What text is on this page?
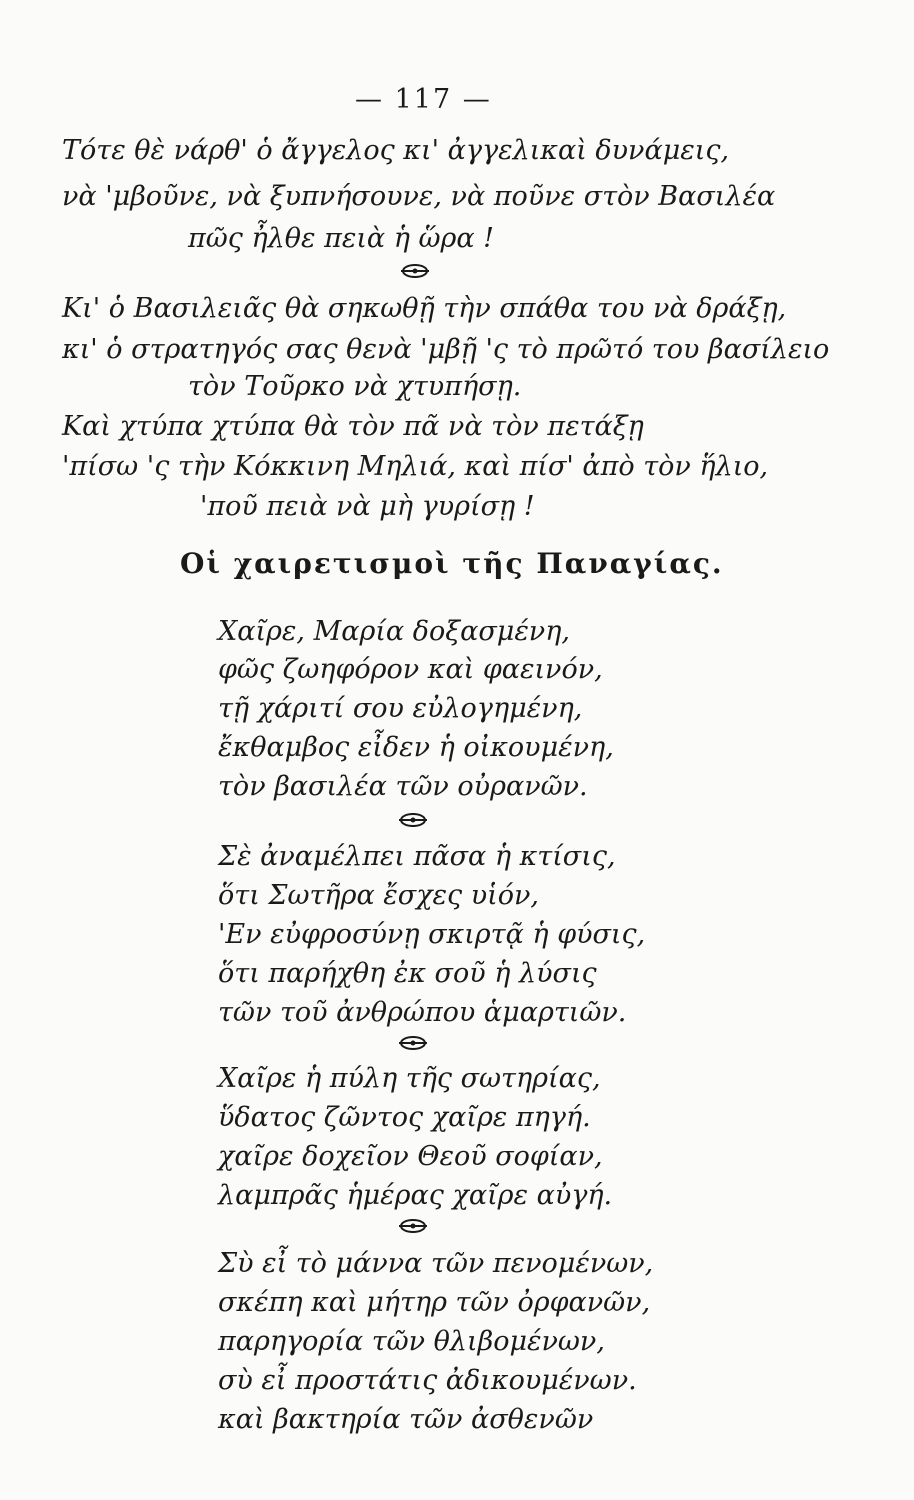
— 117 —
Τότε θὲ νάρθ' ὁ ἄγγελος κι' ἀγγελικαὶ δυνάμεις,
νὰ 'μβοῦνε, νὰ ξυπνήσουνε, νὰ ποῦνε στὸν Βασιλέα
πῶς ἦλθε πειὰ ἡ ὥρα !
Κι' ὁ Βασιλειᾶς θὰ σηκωθῇ τὴν σπάθα του νὰ δράξῃ,
κι' ὁ στρατηγός σας θενὰ 'μβῇ 'ς τὸ πρῶτό του βασίλειο
τὸν Τοῦρκο νὰ χτυπήσῃ.
Καὶ χτύπα χτύπα θὰ τὸν πᾶ νὰ τὸν πετάξῃ
'πίσω 'ς τὴν Κόκκινη Μηλιά, καὶ πίσ' ἀπὸ τὸν ἥλιο,
'ποῦ πειὰ νὰ μὴ γυρίσῃ !
Οἱ χαιρετισμοὶ τῆς Παναγίας.
Χαῖρε, Μαρία δοξασμένη,
φῶς ζωηφόρον καὶ φαεινόν,
τῇ χάριτί σου εὐλογημένη,
ἔκθαμβος εἶδεν ἡ οἰκουμένη,
τὸν βασιλέα τῶν οὐρανῶν.
Σὲ ἀναμέλπει πᾶσα ἡ κτίσις,
ὅτι Σωτῆρα ἔσχες υἱόν,
'Εν εὐφροσύνῃ σκιρτᾷ ἡ φύσις,
ὅτι παρήχθη ἐκ σοῦ ἡ λύσις
τῶν τοῦ ἀνθρώπου ἁμαρτιῶν.
Χαῖρε ἡ πύλη τῆς σωτηρίας,
ὕδατος ζῶντος χαῖρε πηγή.
χαῖρε δοχεῖον Θεοῦ σοφίαν,
λαμπρᾶς ἡμέρας χαῖρε αὐγή.
Σὺ εἶ τὸ μάννα τῶν πενομένων,
σκέπη καὶ μήτηρ τῶν ὀρφανῶν,
παρηγορία τῶν θλιβομένων,
σὺ εἶ προστάτις ἀδικουμένων.
καὶ βακτηρία τῶν ἀσθενῶν
